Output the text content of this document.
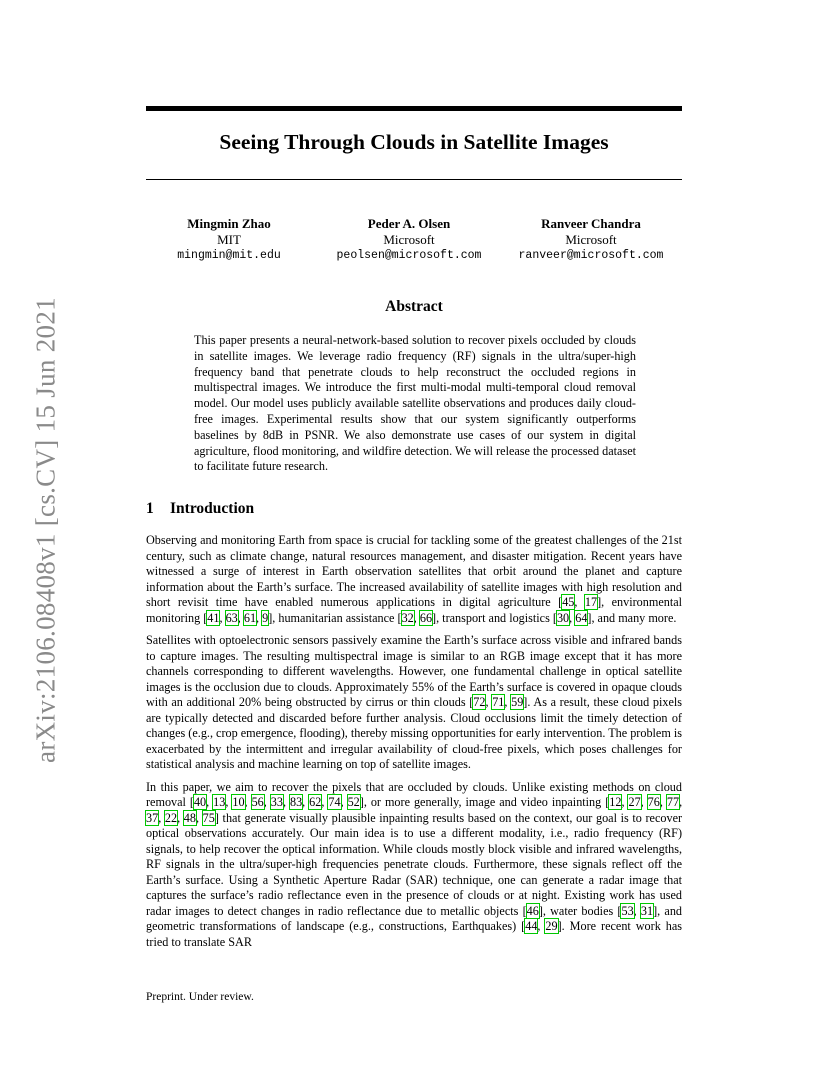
Seeing Through Clouds in Satellite Images
Mingmin Zhao
MIT
mingmin@mit.edu
Peder A. Olsen
Microsoft
peolsen@microsoft.com
Ranveer Chandra
Microsoft
ranveer@microsoft.com
arXiv:2106.08408v1 [cs.CV] 15 Jun 2021	Abstract
This paper presents a neural-network-based solution to recover pixels occluded by clouds in satellite images. We leverage radio frequency (RF) signals in the ultra/super-high frequency band that penetrate clouds to help reconstruct the occluded regions in multispectral images. We introduce the first multi-modal multi-temporal cloud removal model. Our model uses publicly available satellite observations and produces daily cloud-free images. Experimental results show that our system significantly outperforms baselines by 8dB in PSNR. We also demonstrate use cases of our system in digital agriculture, flood monitoring, and wildfire detection. We will release the processed dataset to facilitate future research.
1 Introduction

Observing and monitoring Earth from space is crucial for tackling some of the greatest challenges of the 21st century, such as climate change, natural resources management, and disaster mitigation. Recent years have witnessed a surge of interest in Earth observation satellites that orbit around the planet and capture information about the Earth’s surface. The increased availability of satellite images with high resolution and short revisit time have enabled numerous applications in digital agriculture [45, 17], environmental monitoring [41, 63, 61, 9], humanitarian assistance [32, 66], transport and logistics [30, 64], and many more.

Satellites with optoelectronic sensors passively examine the Earth’s surface across visible and infrared bands to capture images. The resulting multispectral image is similar to an RGB image except that it has more channels corresponding to different wavelengths. However, one fundamental challenge in optical satellite images is the occlusion due to clouds. Approximately 55% of the Earth’s surface is covered in opaque clouds with an additional 20% being obstructed by cirrus or thin clouds [72, 71, 59]. As a result, these cloud pixels are typically detected and discarded before further analysis. Cloud occlusions limit the timely detection of changes (e.g., crop emergence, flooding), thereby missing opportunities for early intervention. The problem is exacerbated by the intermittent and irregular availability of cloud-free pixels, which poses challenges for statistical analysis and machine learning on top of satellite images.

In this paper, we aim to recover the pixels that are occluded by clouds. Unlike existing methods on cloud removal [40, 13, 10, 56, 33, 83, 62, 74, 52], or more generally, image and video inpainting [12, 27, 76, 77, 37, 22, 48, 75] that generate visually plausible inpainting results based on the context, our goal is to recover optical observations accurately. Our main idea is to use a different modality, i.e., radio frequency (RF) signals, to help recover the optical information. While clouds mostly block visible and infrared wavelengths, RF signals in the ultra/super-high frequencies penetrate clouds. Furthermore, these signals reflect off the Earth’s surface. Using a Synthetic Aperture Radar (SAR) technique, one can generate a radar image that captures the surface’s radio reflectance even in the presence of clouds or at night. Existing work has used radar images to detect changes in radio reflectance due to metallic objects [46], water bodies [53, 31], and geometric transformations of landscape (e.g., constructions, Earthquakes) [44, 29]. More recent work has tried to translate SAR

Preprint. Under review.
